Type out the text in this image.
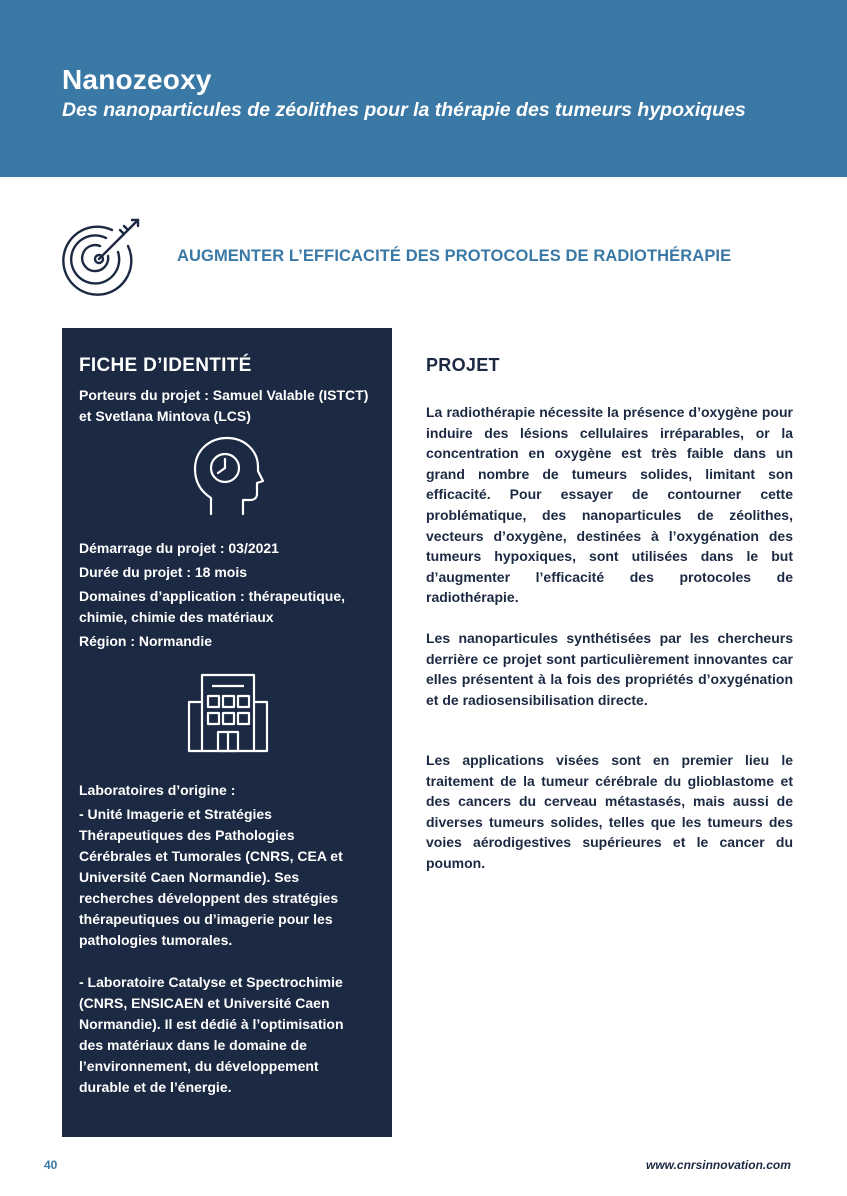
Nanozeoxy

Des nanoparticules de zéolithes pour la thérapie des tumeurs hypoxiques

AUGMENTER L’EFFICACITÉ DES PROTOCOLES DE RADIOTHÉRAPIE

FICHE D’IDENTITÉ

Porteurs du projet : Samuel Valable (ISTCT) et Svetlana Mintova (LCS)

Démarrage du projet : 03/2021

Durée du projet : 18 mois

Domaines d’application : thérapeutique, chimie, chimie des matériaux

Région : Normandie

Laboratoires d’origine :

- Unité Imagerie et Stratégies Thérapeutiques des Pathologies Cérébrales et Tumorales (CNRS, CEA et Université Caen Normandie). Ses recherches développent des stratégies thérapeutiques ou d’imagerie pour les pathologies tumorales.

- Laboratoire Catalyse et Spectrochimie (CNRS, ENSICAEN et Université Caen Normandie). Il est dédié à l’optimisation des matériaux dans le domaine de l’environnement, du développement durable et de l’énergie.

PROJET

La radiothérapie nécessite la présence d’oxygène pour induire des lésions cellulaires irréparables, or la concentration en oxygène est très faible dans un grand nombre de tumeurs solides, limitant son efficacité. Pour essayer de contourner cette problématique, des nanoparticules de zéolithes, vecteurs d’oxygène, destinées à l’oxygénation des tumeurs hypoxiques, sont utilisées dans le but d’augmenter l’efficacité des protocoles de radiothérapie.

Les nanoparticules synthétisées par les chercheurs derrière ce projet sont particulièrement innovantes car elles présentent à la fois des propriétés d’oxygénation et de radiosensibilisation directe.

Les applications visées sont en premier lieu le traitement de la tumeur cérébrale du glioblastome et des cancers du cerveau métastasés, mais aussi de diverses tumeurs solides, telles que les tumeurs des voies aérodigestives supérieures et le cancer du poumon.

40	www.cnrsinnovation.com
